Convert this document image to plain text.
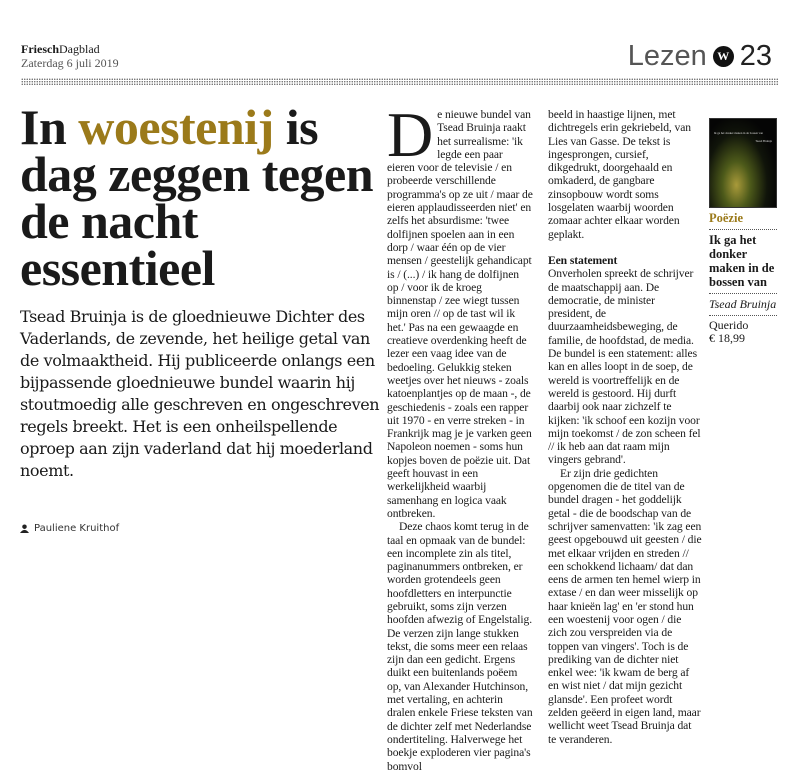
FrieschDagblad
Zaterdag 6 juli 2019	Lezen W 23
In woestenij is dag zeggen tegen de nacht essentieel

Tsead Bruinja is de gloednieuwe Dichter des Vaderlands, de zevende, het heilige getal van de volmaaktheid. Hij publiceerde onlangs een bijpassende gloednieuwe bundel waarin hij stoutmoedig alle geschreven en ongeschreven regels breekt. Het is een onheilspellende oproep aan zijn vaderland dat hij moederland noemt.

Pauliene Kruithof

De nieuwe bundel van Tsead Bruinja raakt het surrealisme: 'ik legde een paar eieren voor de televisie / en probeerde verschillende programma's op ze uit / maar de eieren applaudisseerden niet' en zelfs het absurdisme: 'twee dolfijnen spoelen aan in een dorp / waar één op de vier mensen / geestelijk gehandicapt is / (...) / ik hang de dolfijnen op / voor ik de kroeg binnenstap / zee wiegt tussen mijn oren // op de tast wil ik het.' Pas na een gewaagde en creatieve overdenking heeft de lezer een vaag idee van de bedoeling. Gelukkig steken weetjes over het nieuws - zoals katoenplantjes op de maan -, de geschiedenis - zoals een rapper uit 1970 - en verre streken - in Frankrijk mag je je varken geen Napoleon noemen - soms hun kopjes boven de poëzie uit. Dat geeft houvast in een werkelijkheid waarbij samenhang en logica vaak ontbreken.

Deze chaos komt terug in de taal en opmaak van de bundel: een incomplete zin als titel, paginanummers ontbreken, er worden grotendeels geen hoofdletters en interpunctie gebruikt, soms zijn verzen hoofden afwezig of Engelstalig. De verzen zijn lange stukken tekst, die soms meer een relaas zijn dan een gedicht. Ergens duikt een buitenlands poëem op, van Alexander Hutchinson, met vertaling, en achterin dralen enkele Friese teksten van de dichter zelf met Nederlandse ondertiteling. Halverwege het boekje exploderen vier pagina's bomvol

beeld in haastige lijnen, met dichtregels erin gekriebeld, van Lies van Gasse. De tekst is ingesprongen, cursief, dikgedrukt, doorgehaald en omkaderd, de gangbare zinsopbouw wordt soms losgelaten waarbij woorden zomaar achter elkaar worden geplakt.

Een statement

Onverholen spreekt de schrijver de maatschappij aan. De democratie, de minister president, de duurzaamheidsbeweging, de familie, de hoofdstad, de media. De bundel is een statement: alles kan en alles loopt in de soep, de wereld is voortreffelijk en de wereld is gestoord. Hij durft daarbij ook naar zichzelf te kijken: 'ik schoof een kozijn voor mijn toekomst / de zon scheen fel // ik heb aan dat raam mijn vingers gebrand'.

Er zijn drie gedichten opgenomen die de titel van de bundel dragen - het goddelijk getal - die de boodschap van de schrijver samenvatten: 'ik zag een geest opgebouwd uit geesten / die met elkaar vrijden en streden // een schokkend lichaam/ dat dan eens de armen ten hemel wierp in extase / en dan weer misselijk op haar knieën lag' en 'er stond hun een woestenij voor ogen / die zich zou verspreiden via de toppen van vingers'. Toch is de prediking van de dichter niet enkel wee: 'ik kwam de berg af en wist niet / dat mijn gezicht glansde'. Een profeet wordt zelden geëerd in eigen land, maar wellicht weet Tsead Bruinja dat te veranderen.

Ik ga het donker maken in de bossen van
Tsead Bruinja
Poëzie
Ik ga het donker maken in de bossen van
Tsead Bruinja
Querido
€ 18,99
